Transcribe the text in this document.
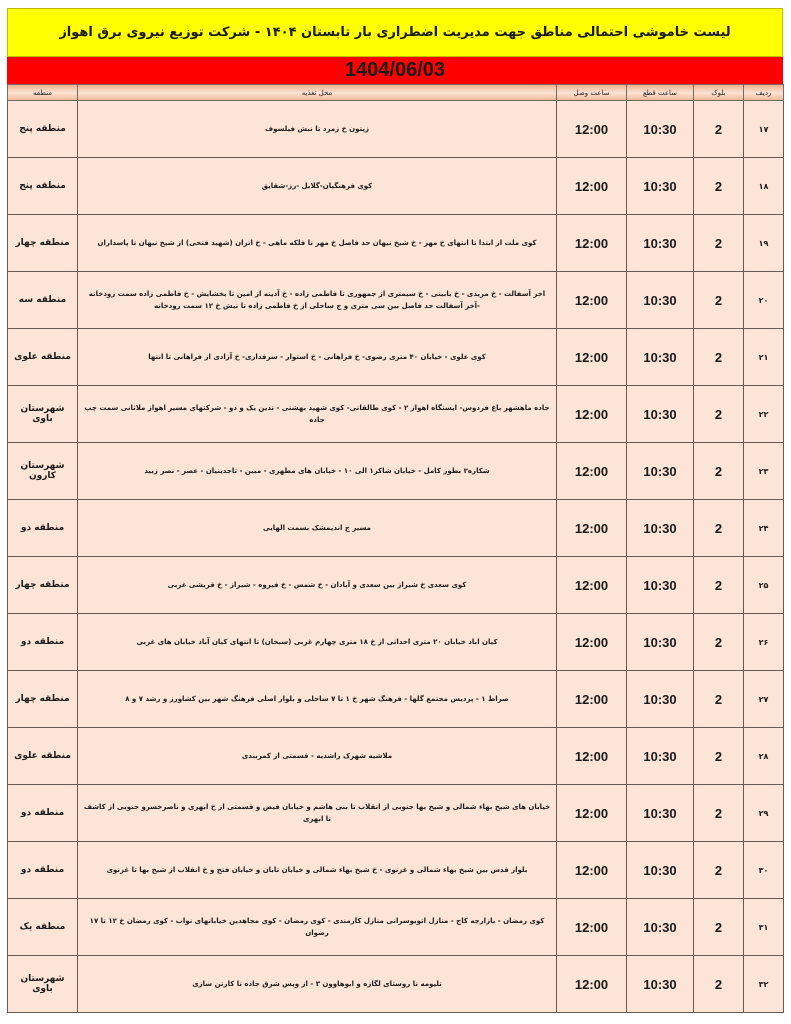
لیست خاموشی احتمالی مناطق جهت مدیریت اضطراری بار تابستان ۱۴۰۴ - شرکت توزیع نیروی برق اهواز
1404/06/03
ردیف	بلوک	ساعت قطع	ساعت وصل	محل تغذیه	منطقه
۱۷	2	10:30	12:00	زیتون خ زمرد تا نبش فیلسوف	منطقه پنج
۱۸	2	10:30	12:00	کوی فرهنگیان-گلایل -رز-شقایق	منطقه پنج
۱۹	2	10:30	12:00	کوی ملت از ابتدا تا انتهای خ مهر - خ شیخ نیهان حد فاصل خ مهر تا فلکه ماهی - خ اتزان (شهید فتحی) از شیخ نیهان تا پاسداران	منطقه چهار
۲۰	2	10:30	12:00	اخر آسفالت - خ مریدی - خ بابیتی - خ سیمتری از جمهوری تا فاطمی زاده - خ آدینه از امین تا بخشایش - خ فاطمی زاده سمت رودخانه -آخر آسفالت حد فاصل بین سی متری و ج ساحلی از خ فاطمی زاده تا نبش خ ۱۲ سمت رودخانه	منطقه سه
۲۱	2	10:30	12:00	کوی علوی - خیابان ۴۰ متری رضوی- خ فراهانی - خ استوار - سرفداری- خ آزادی از فراهانی تا انتها	منطقه علوی
۲۲	2	10:30	12:00	جاده ماهشهر باغ فردوس- ایستگاه اهواز ۲ - کوی طالقانی- کوی شهید بهشتی - تدین یک و دو - شرکتهای مسیر اهواز ملاثانی سمت چپ جاده	شهرستان باوی
۲۳	2	10:30	12:00	شکاره۲ بطور کامل - خیابان شاکر۱ الی ۱۰ - خیابان های مطهری - مبین - تاجدینیان - عصر - نصر زبید	شهرستان کارون
۲۴	2	10:30	12:00	مسیر ج اندیمشک بسمت الهایی	منطقه دو
۲۵	2	10:30	12:00	کوی سعدی خ شیراز بین سعدی و آبادان - خ شمس - خ فیروه - شیراز - خ قریشی غربی	منطقه چهار
۲۶	2	10:30	12:00	کیان اباد خیابان ۲۰ متری احداثی از خ ۱۸ متری چهارم غربی (سبحان) تا انتهای کیان آباد خیابان های غربی	منطقه دو
۲۷	2	10:30	12:00	صراط ۱ - پردیس مجتمع گلها - فرهنگ شهر خ ۱ تا ۷ ساحلی و بلوار اصلی فرهنگ شهر بین کشاورز و رشد ۷ و ۸	منطقه چهار
۲۸	2	10:30	12:00	ملاشیه شهرک راشدیه - قسمتی از کمربندی	منطقه علوی
۲۹	2	10:30	12:00	خیابان های شیخ بهاء شمالی و شیخ بها جنوبی از انقلاب تا بنی هاشم و خیابان فیض و قسمتی از خ ابهری و ناصرخسرو جنوبی از کاشف تا ابهری	منطقه دو
۳۰	2	10:30	12:00	بلوار قدس بین شیخ بهاء شمالی و غزنوی - خ شیخ بهاء شمالی و خیابان تابان و خیابان فتح و خ انقلاب از شیخ بها تا غزنوی	منطقه دو
۳۱	2	10:30	12:00	کوی رمضان - بازارچه کاج - منازل اتوبوسرانی منازل کارمندی - کوی رمضان - کوی مجاهدین خیابانهای نواب - کوی رمضان خ ۱۲ تا ۱۷ رضوان	منطقه یک
۳۲	2	10:30	12:00	تلیومه تا روستای لگازه و ابوهاوون ۳ - از ویس شرق جاده تا کارتن سازی	شهرستان باوی
